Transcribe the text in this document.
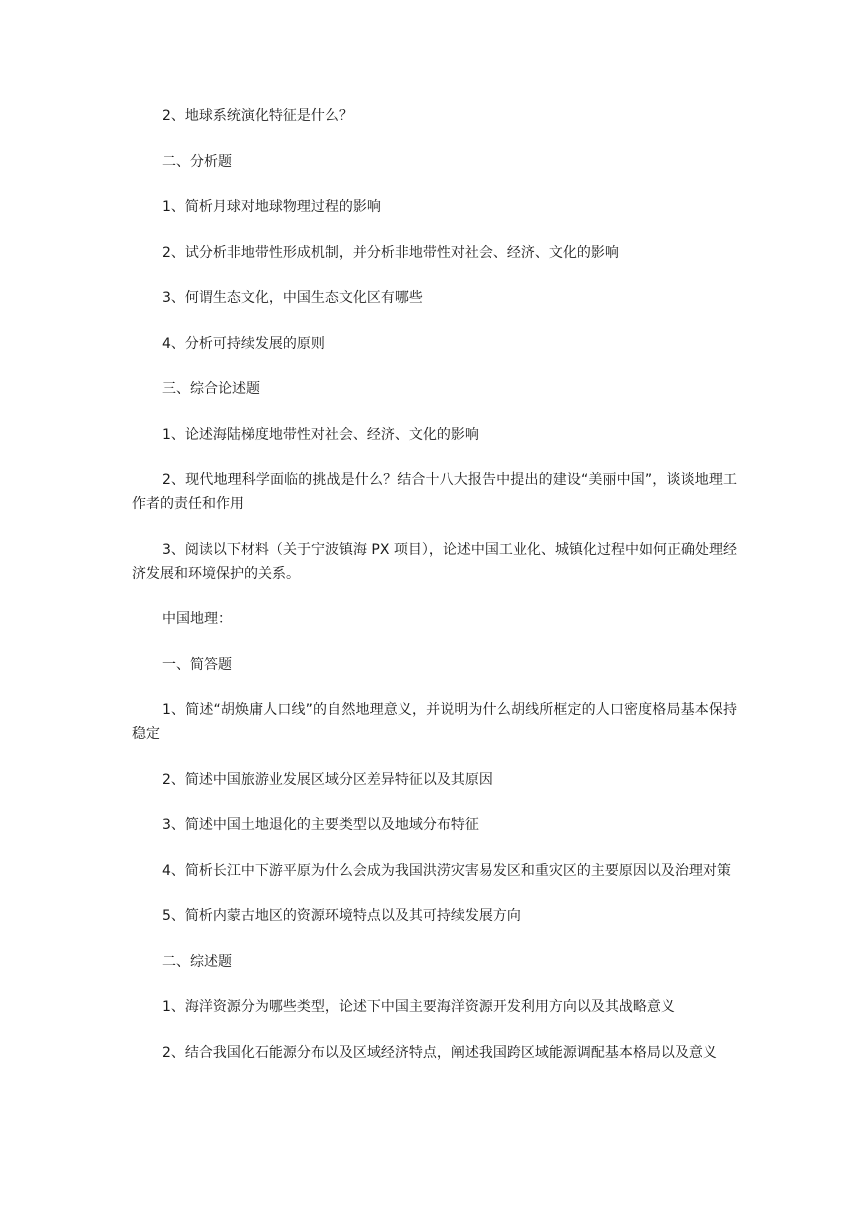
2、地球系统演化特征是什么？

二、分析题

1、简析月球对地球物理过程的影响

2、试分析非地带性形成机制，并分析非地带性对社会、经济、文化的影响

3、何谓生态文化，中国生态文化区有哪些

4、分析可持续发展的原则

三、综合论述题

1、论述海陆梯度地带性对社会、经济、文化的影响

2、现代地理科学面临的挑战是什么？结合十八大报告中提出的建设“美丽中国”，谈谈地理工作者的责任和作用

3、阅读以下材料（关于宁波镇海 PX 项目），论述中国工业化、城镇化过程中如何正确处理经济发展和环境保护的关系。

中国地理：

一、简答题

1、简述“胡焕庸人口线”的自然地理意义，并说明为什么胡线所框定的人口密度格局基本保持稳定

2、简述中国旅游业发展区域分区差异特征以及其原因

3、简述中国土地退化的主要类型以及地域分布特征

4、简析长江中下游平原为什么会成为我国洪涝灾害易发区和重灾区的主要原因以及治理对策

5、简析内蒙古地区的资源环境特点以及其可持续发展方向

二、综述题

1、海洋资源分为哪些类型，论述下中国主要海洋资源开发利用方向以及其战略意义

2、结合我国化石能源分布以及区域经济特点，阐述我国跨区域能源调配基本格局以及意义
